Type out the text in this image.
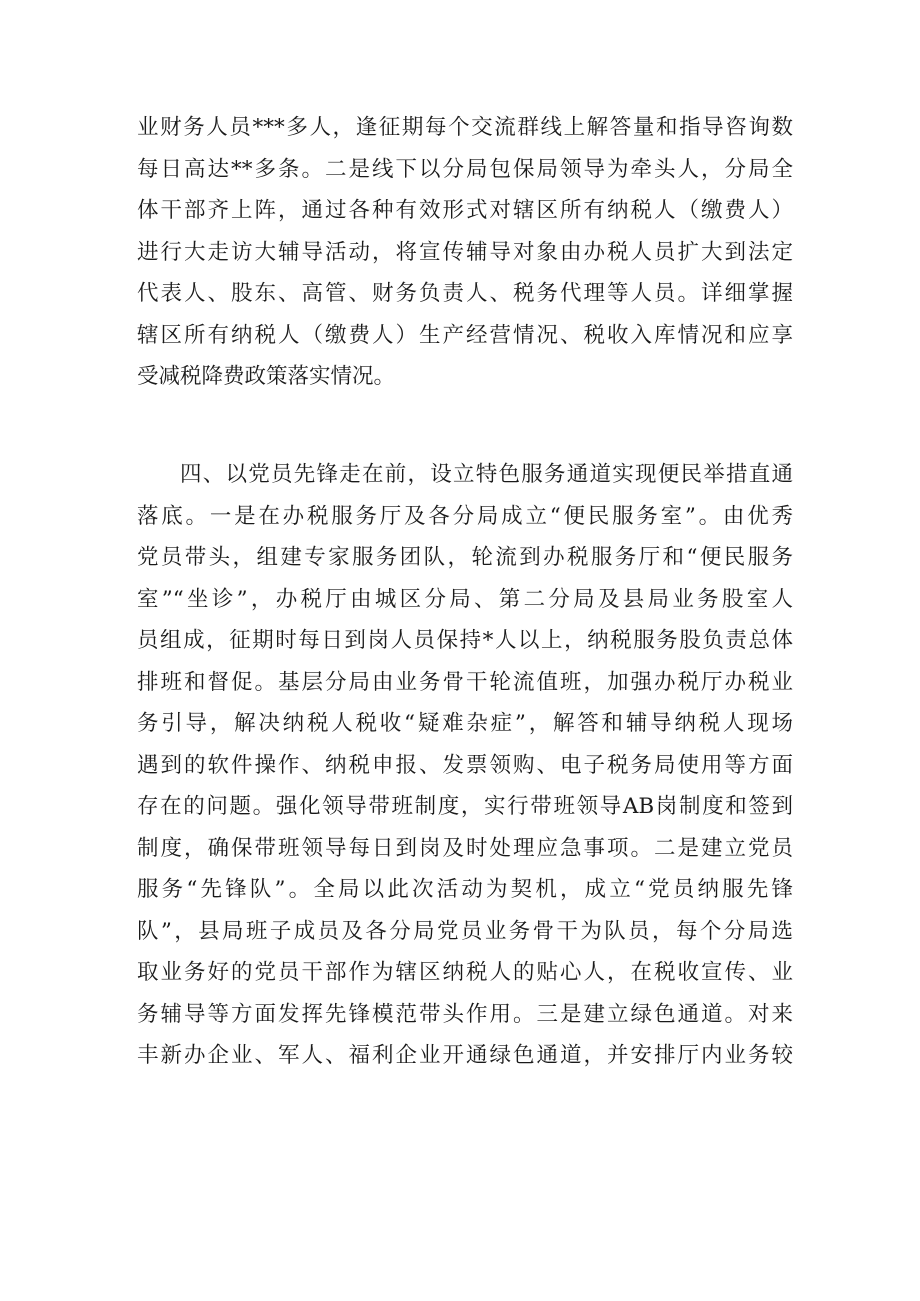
业财务人员***多人，逢征期每个交流群线上解答量和指导咨询数
每日高达**多条。二是线下以分局包保局领导为牵头人，分局全
体干部齐上阵，通过各种有效形式对辖区所有纳税人（缴费人）
进行大走访大辅导活动，将宣传辅导对象由办税人员扩大到法定
代表人、股东、高管、财务负责人、税务代理等人员。详细掌握
辖区所有纳税人（缴费人）生产经营情况、税收入库情况和应享
受减税降费政策落实情况。
四、以党员先锋走在前，设立特色服务通道实现便民举措直通
落底。一是在办税服务厅及各分局成立“便民服务室”。由优秀
党员带头，组建专家服务团队，轮流到办税服务厅和“便民服务
室”“坐诊”，办税厅由城区分局、第二分局及县局业务股室人
员组成，征期时每日到岗人员保持*人以上，纳税服务股负责总体
排班和督促。基层分局由业务骨干轮流值班，加强办税厅办税业
务引导，解决纳税人税收“疑难杂症”，解答和辅导纳税人现场
遇到的软件操作、纳税申报、发票领购、电子税务局使用等方面
存在的问题。强化领导带班制度，实行带班领导AB岗制度和签到
制度，确保带班领导每日到岗及时处理应急事项。二是建立党员
服务“先锋队”。全局以此次活动为契机，成立“党员纳服先锋
队”，县局班子成员及各分局党员业务骨干为队员，每个分局选
取业务好的党员干部作为辖区纳税人的贴心人，在税收宣传、业
务辅导等方面发挥先锋模范带头作用。三是建立绿色通道。对来
丰新办企业、军人、福利企业开通绿色通道，并安排厅内业务较
